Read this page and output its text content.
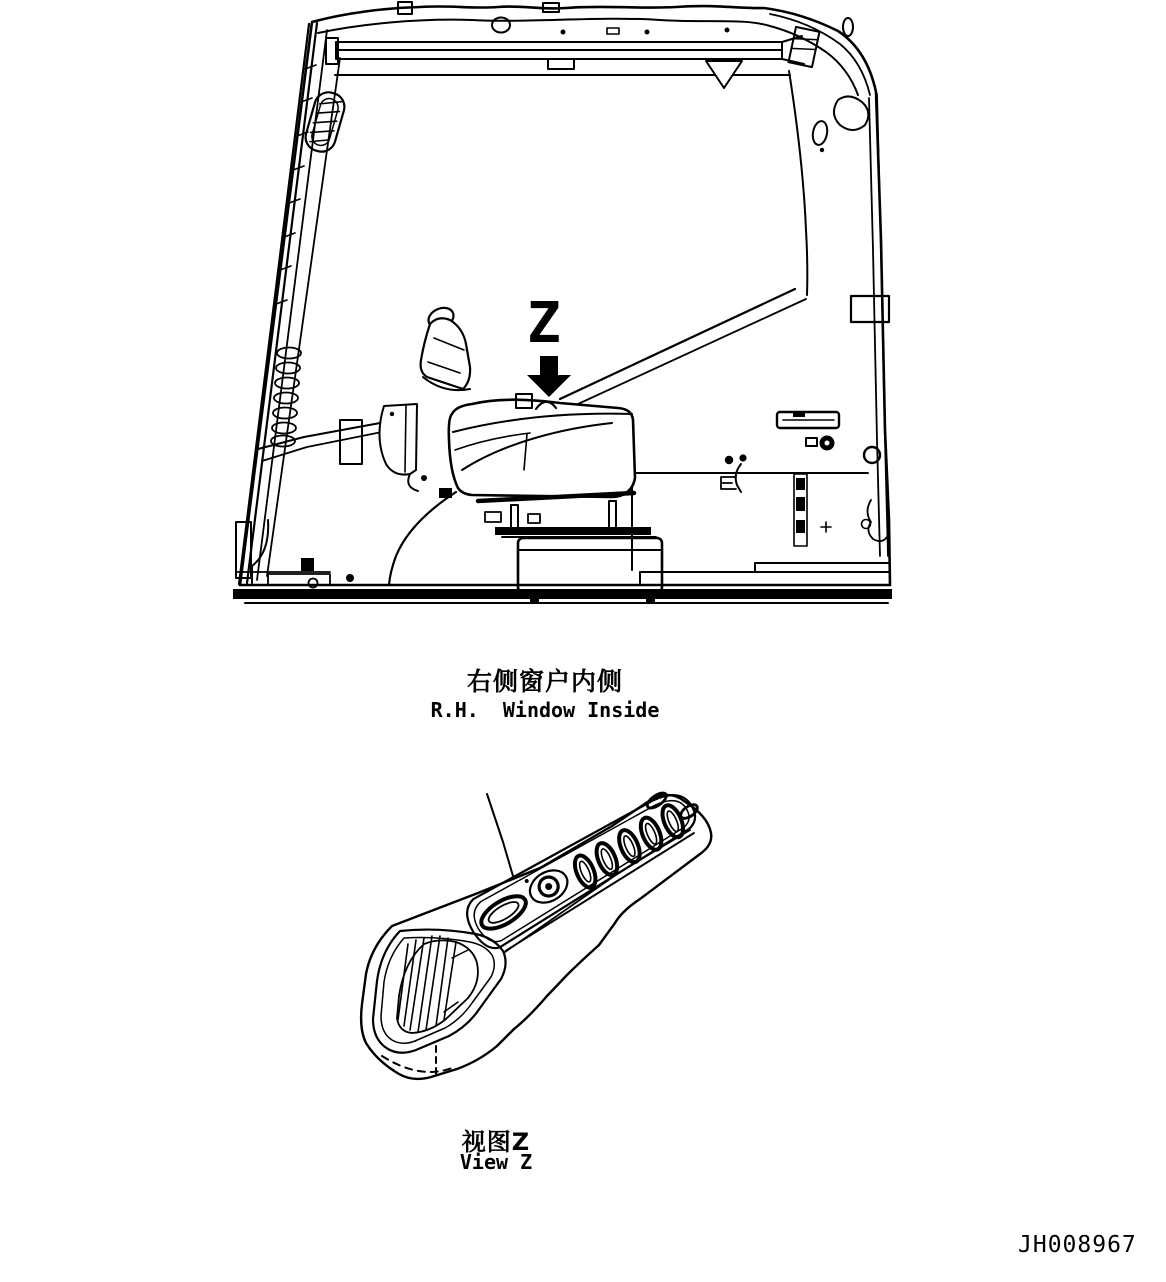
Z
右侧窗户内侧
R.H.  Window Inside
视图Z
View Z
JH008967
